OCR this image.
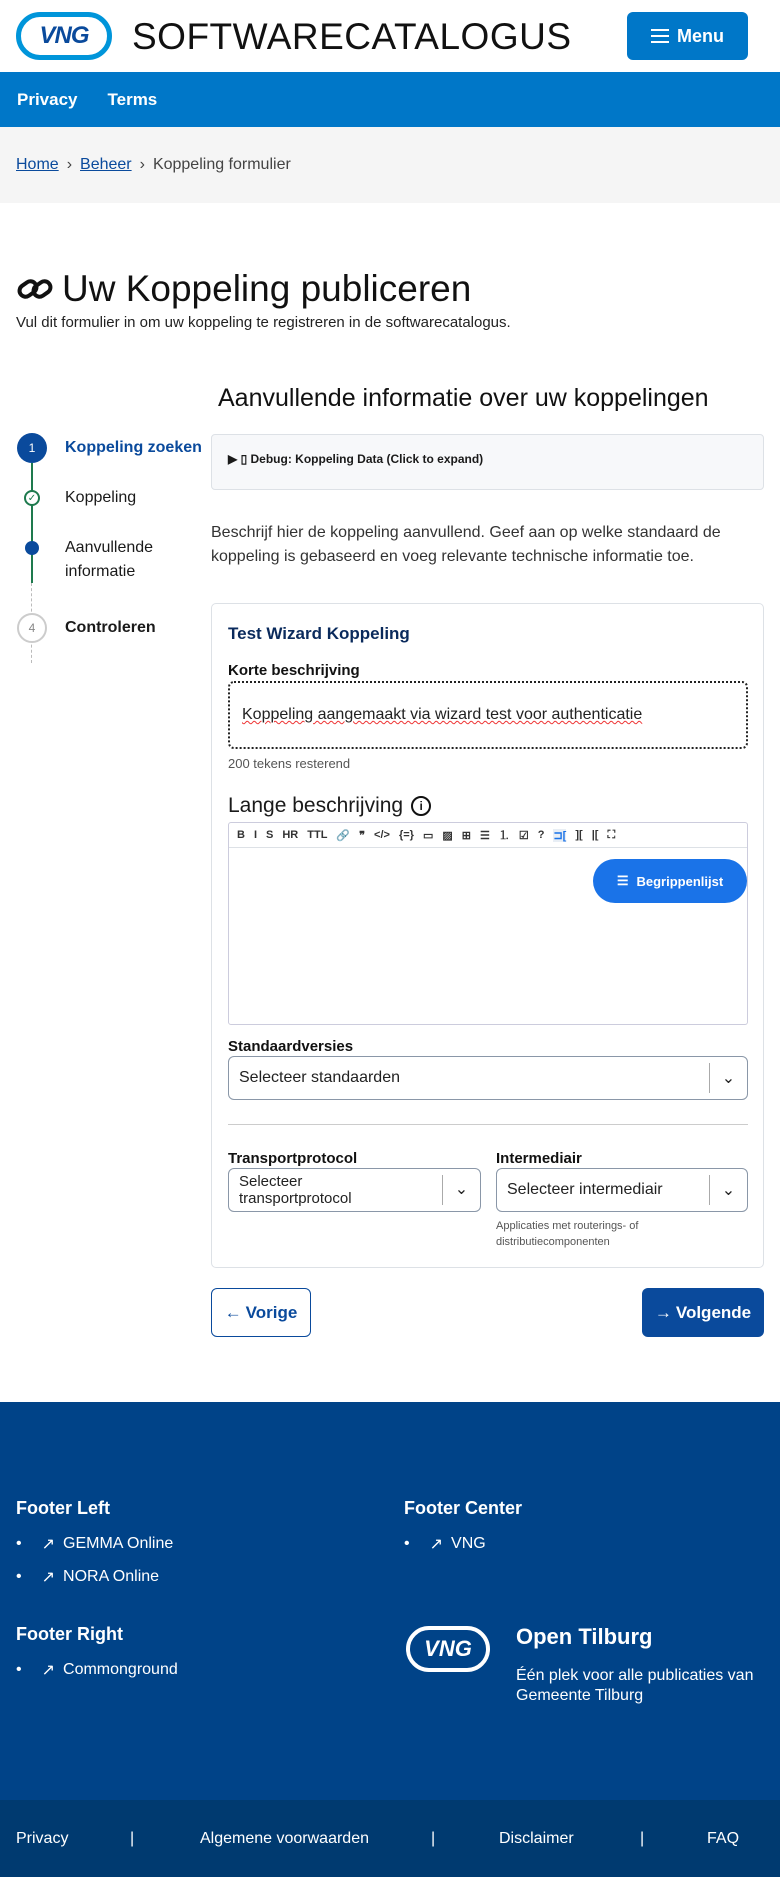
VNG SOFTWARECATALOGUS	Menu
Privacy Terms
Home › Beheer › Koppeling formulier
Uw Koppeling publiceren
Vul dit formulier in om uw koppeling te registreren in de softwarecatalogus.
1	Koppeling zoeken
✓ Koppeling
Aanvullende informatie
4	Controleren
Aanvullende informatie over uw koppelingen
▶ ▯ Debug: Koppeling Data (Click to expand)
Beschrijf hier de koppeling aanvullend. Geef aan op welke standaard de koppeling is gebaseerd en voeg relevante technische informatie toe.
Test Wizard Koppeling
Korte beschrijving
Koppeling aangemaakt via wizard test voor authenticatie
200 tekens resterend
Lange beschrijving	i
B I S HR TTL 🔗 ❞ </> {=} ▭ ▨ ⊞ ☰ ⒈ ☑ ? ⊐[ ][ |[ ⛶
☰ Begrippenlijst
Standaardversies
Selecteer standaarden	⌄
Transportprotocol
Selecteer transportprotocol
⌄
Intermediair
Selecteer intermediair	⌄
Applicaties met routerings- of distributiecomponenten
← Vorige	→ Volgende
Footer Left
• ↗ GEMMA Online
• ↗ NORA Online
Footer Center
• ↗ VNG
Footer Right
• ↗ Commonground
VNG	Open Tilburg
Één plek voor alle publicaties van Gemeente Tilburg
Privacy	|	Algemene voorwaarden	|	Disclaimer	|	FAQ
